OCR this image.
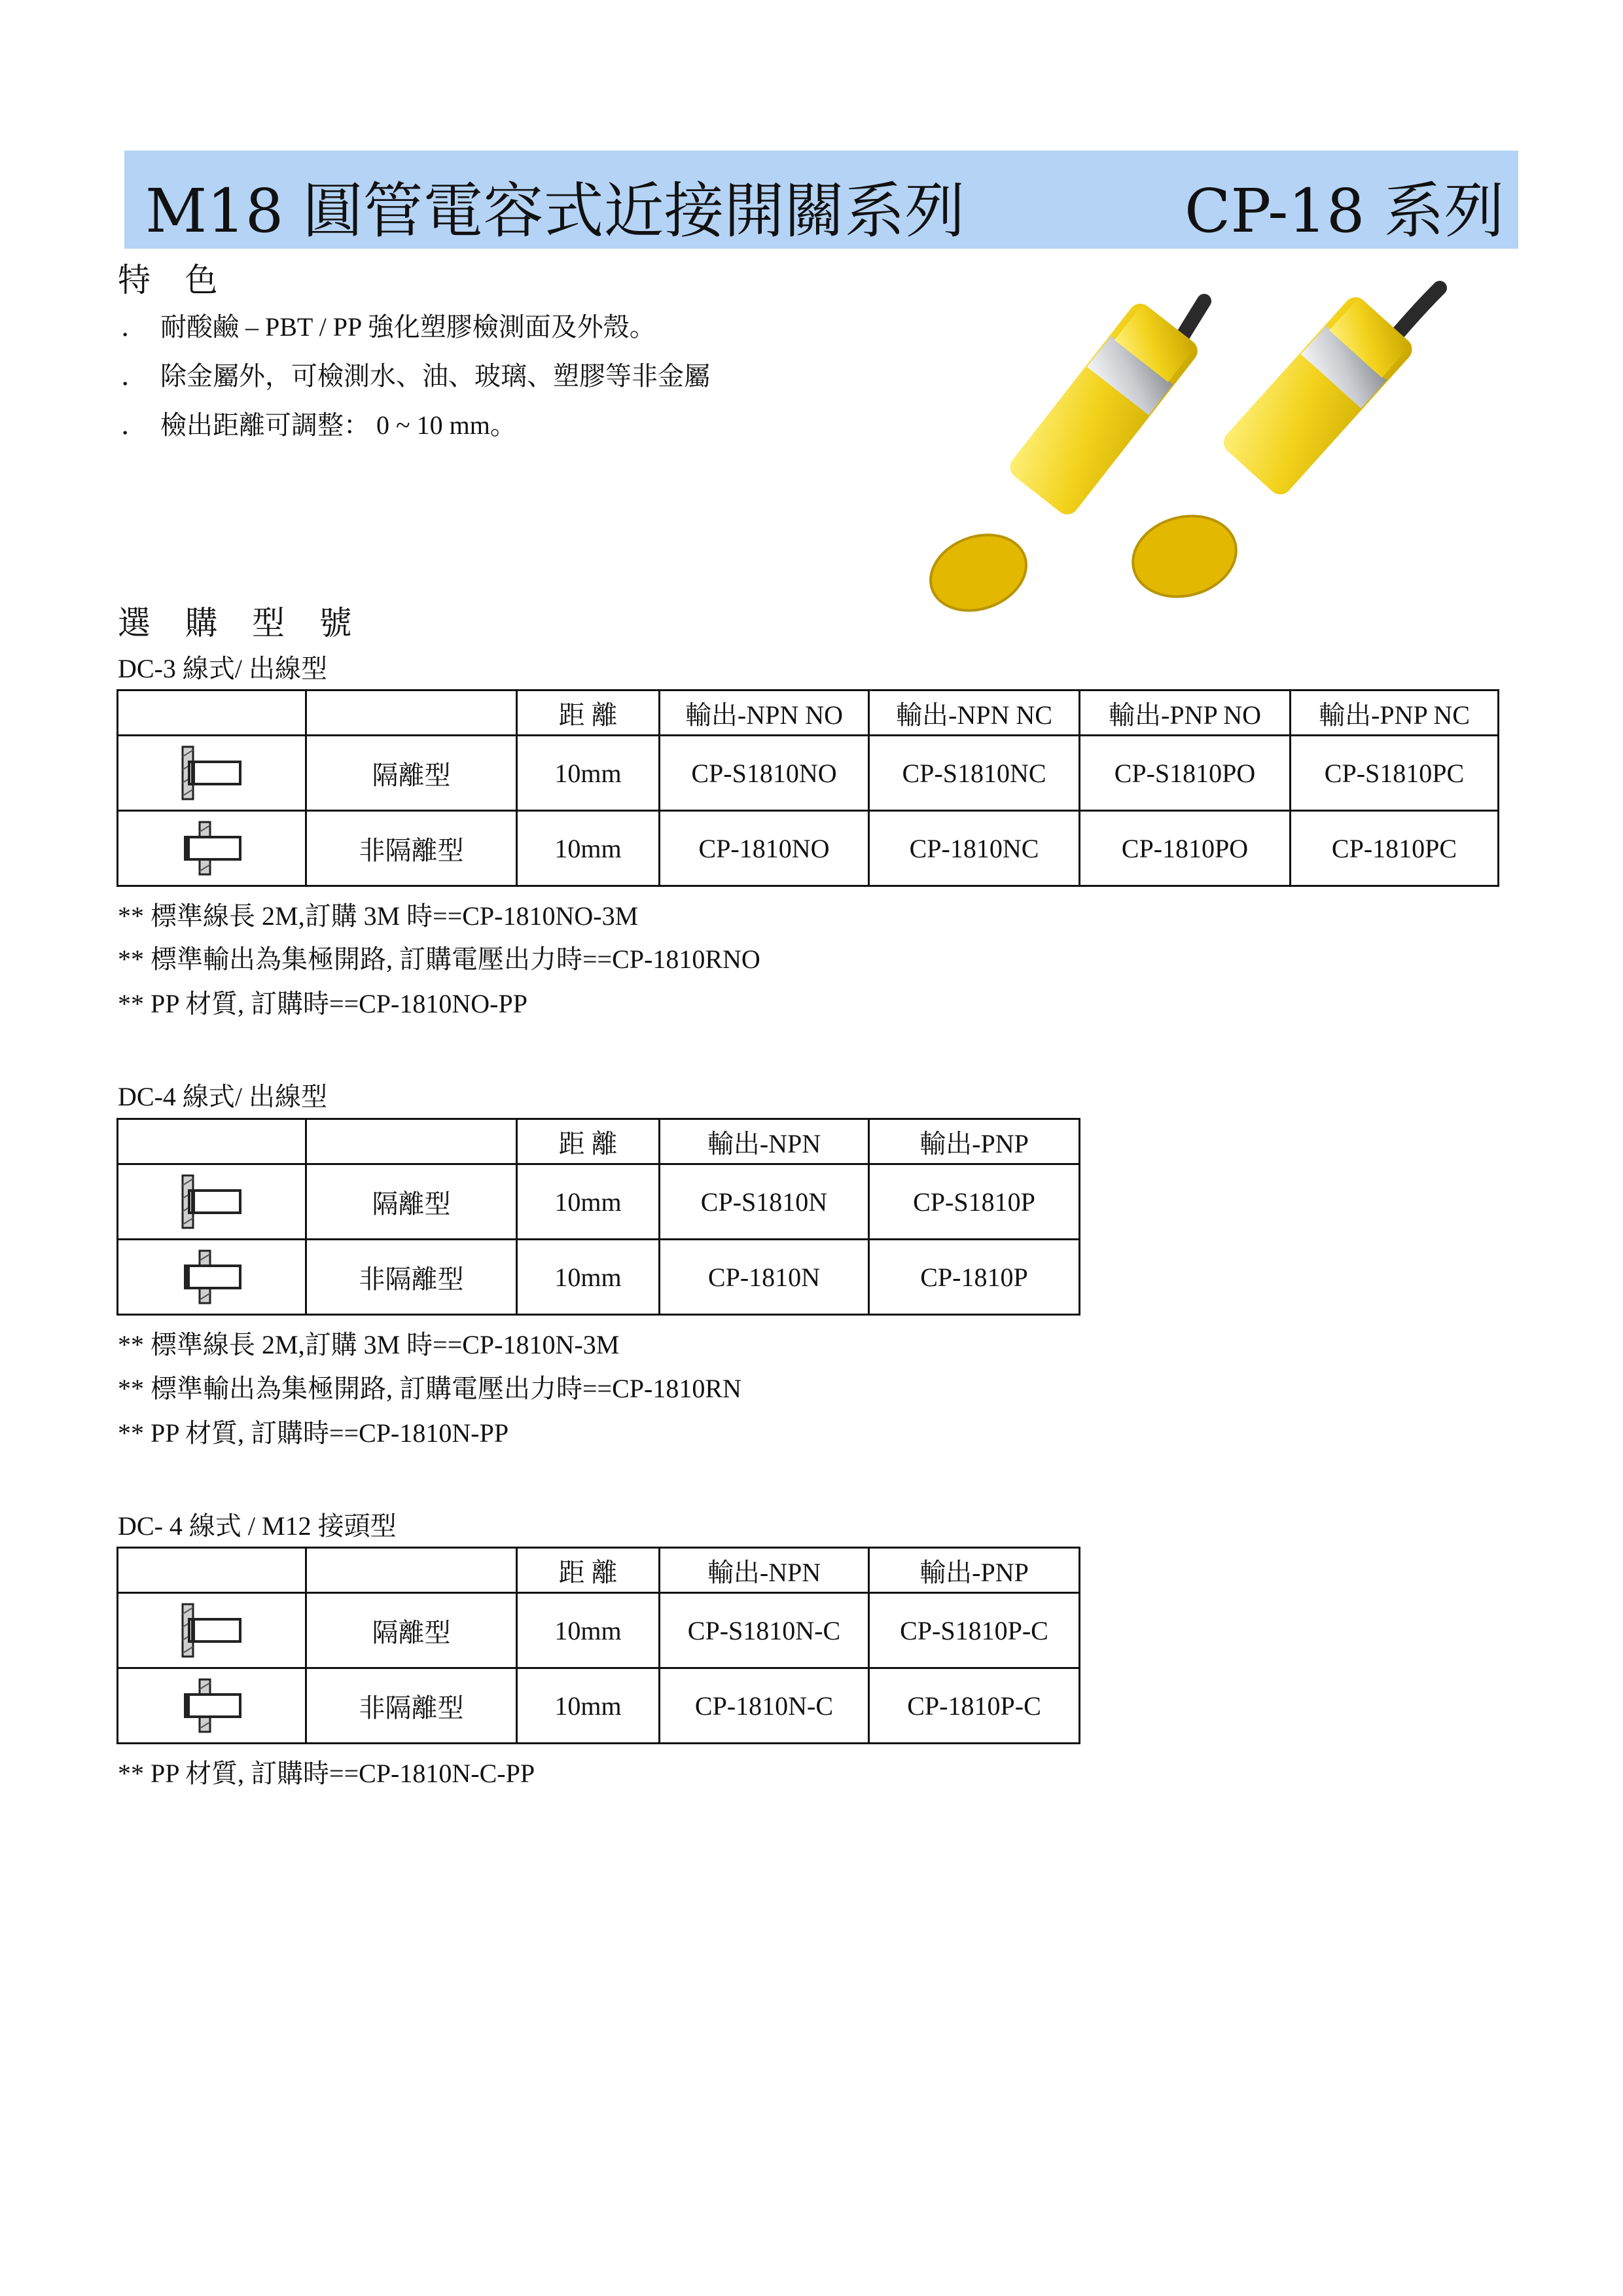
M18 圓管電容式近接開關系列	CP-18 系列
特 色
． 耐酸鹼 – PBT / PP 強化塑膠檢測面及外殼。
． 除金屬外，可檢測水、油、玻璃、塑膠等非金屬
． 檢出距離可調整： 0 ~ 10 mm。
選 購 型 號
DC-3 線式/ 出線型
		距 離	輸出-NPN NO	輸出-NPN NC	輸出-PNP NO	輸出-PNP NC

	隔離型	10mm	CP-S1810NO	CP-S1810NC	CP-S1810PO	CP-S1810PC

	非隔離型	10mm	CP-1810NO	CP-1810NC	CP-1810PO	CP-1810PC
** 標準線長 2M,訂購 3M 時==CP-1810NO-3M
** 標準輸出為集極開路, 訂購電壓出力時==CP-1810RNO
** PP 材質, 訂購時==CP-1810NO-PP
DC-4 線式/ 出線型
		距 離	輸出-NPN	輸出-PNP

	隔離型	10mm	CP-S1810N	CP-S1810P

	非隔離型	10mm	CP-1810N	CP-1810P
** 標準線長 2M,訂購 3M 時==CP-1810N-3M
** 標準輸出為集極開路, 訂購電壓出力時==CP-1810RN
** PP 材質, 訂購時==CP-1810N-PP
DC- 4 線式 / M12 接頭型
		距 離	輸出-NPN	輸出-PNP

	隔離型	10mm	CP-S1810N-C	CP-S1810P-C

	非隔離型	10mm	CP-1810N-C	CP-1810P-C
** PP 材質, 訂購時==CP-1810N-C-PP
